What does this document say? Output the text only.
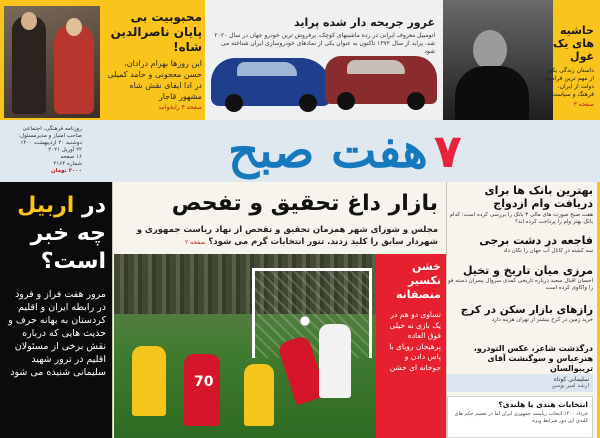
محبوبیت بی پایان ناصرالدین شاه!
این روزها بهرام درادان، حسن معجونی و حامد کمیلی در ادا ایفای نقش شاه مشهور قاجار
صفحه ۴ رابخوانید
غرور جریحه دار شده پراید
اتومبیل معروف ایرانی در رده ماشینهای کوچک، پرفروش ترین خودرو جهان در سال ۲۰۲۰ شد. پراید از سال ۱۳۷۲ تاکنون به عنوان یکی از نمادهای خودروسازی ایران شناخته می شود
حاشیه های یک غول
داستان زندگی یکی از مهم ترین فرامینو دولت از ایران، فرهنگ و سیاست
صفحه ۳
روزنامه فرهنگی، اجتماعی
صاحب امتیاز و مدیرمسئول:
دوشنبه ۲۰ اردیبهشت ۱۴۰۰
۲۲ آوریل ۲۰۲۱
۱۶ صفحه
شماره ۲۱۶۴
۳۰۰۰ تومان	۷
هفت صبح
در اربیل
چه خبر است؟
مرور هفت فراز و فرود در رابطه ایران و اقلیم کردستان به بهانه حرف و حدیث هایی که درباره نقش برخی از مسئولان اقلیم در ترور شهید سلیمانی شنیده می شود
بازار داغ تحقیق و تفحص
مجلس و شورای شهر همزمان تحقیق و تفحص از نهاد ریاست جمهوری و شهردار سابق را کلید زدند. تنور انتخابات گرم می شود؟ صفحه ۲
70
خشن نکسیر منصفانه
تساوی دو هم در یک بازی نه خیلی فوق العاده پرهیجان رویای با پاس دادن و جوخانه ای خشن
بهترین بانک ها برای دریافت وام ازدواج
هفت صبح صورت های مالی ۳ بانک را بررسی کرده است: کدام بانک بهتر وام را پرداخت کرده اند؟
فاجعه در دشت برجی
سه کشته در کانال آب جهان را تکان داد
مرزی میان تاریخ و تخیل
احسان اقبال سعید درباره تاریخی کمدی سروال پسران دسته قو را واکاوی کرده است
رازهای بازار سکن در کرج
خرید زمین در کرج بیشتر از تهران هزینه دارد
درگذشت شاعر، عکس التودرو، هنرعباس و سوگنشت آقای تریبوالسان
سلیمانی کوتاه
ارشد امیر بوسن
انتخابات هندی یا هلندی؟
خرداد ۱۴۰۰ انتخاب ریاست جمهوری ایران اما در تعمیم حکم های کلیدی این دور شرایط ویژه
